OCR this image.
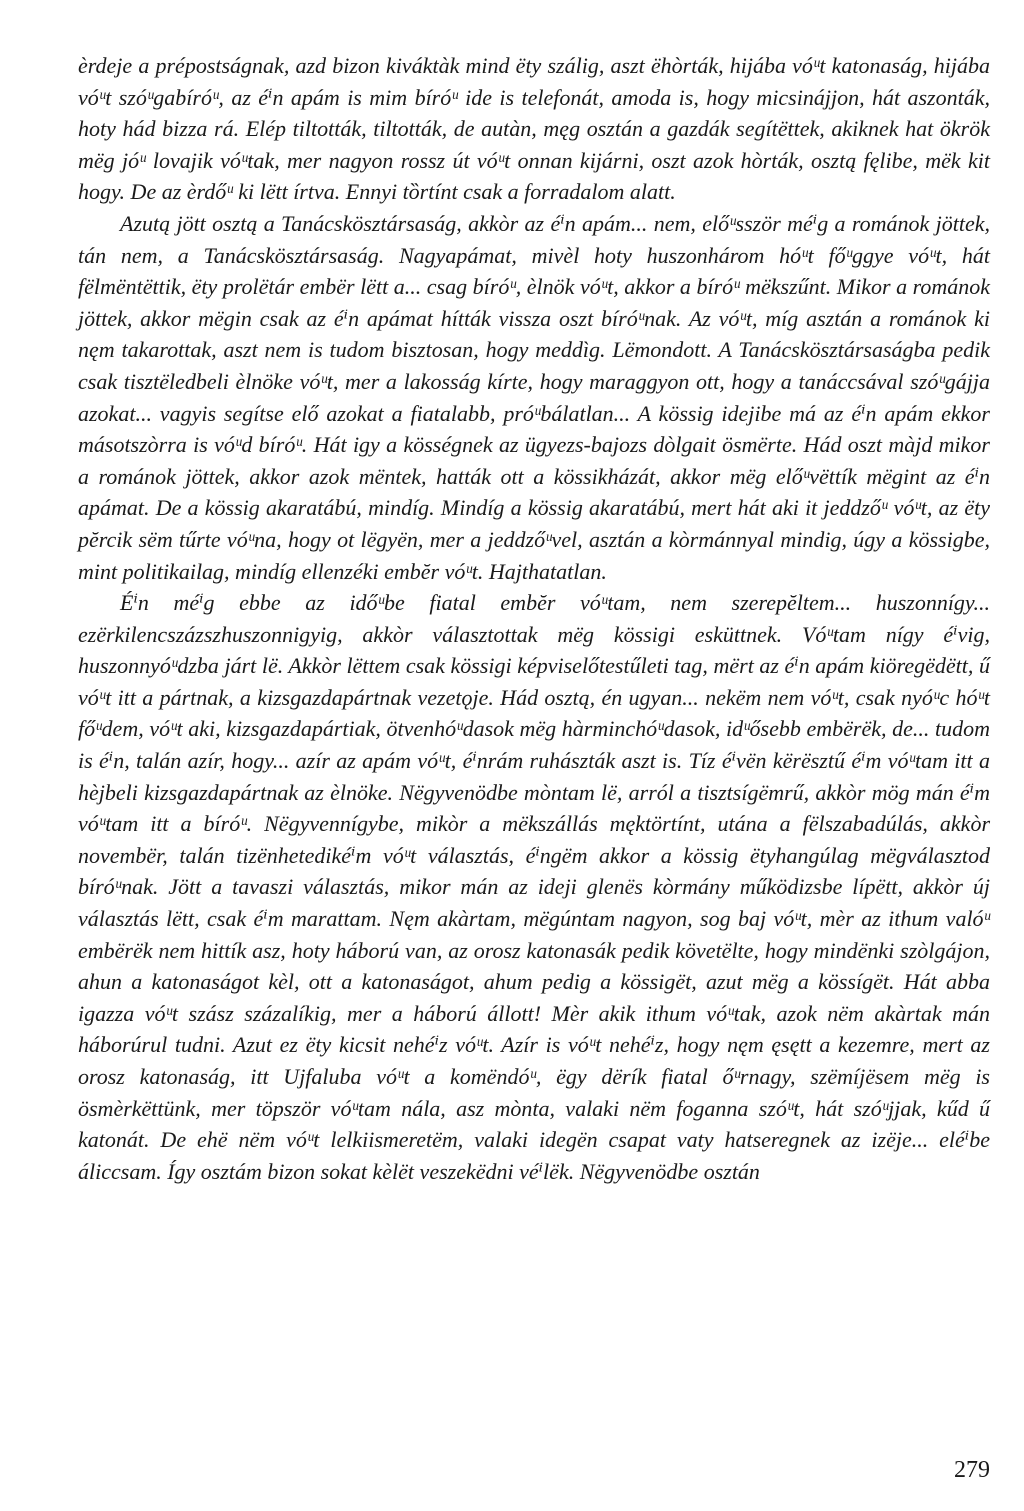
èrdeje a prépostságnak, azd bizon kiváktàk mind ëty szálig, aszt ëhòrták, hijába vóᵘt katonaság, hijába vóᵘt szóᵘgabíróᵘ, az éⁱn apám is mim bíróᵘ ide is telefonát, amoda is, hogy micsinájjon, hát aszonták, hoty hád bizza rá. Elép tiltották, tiltották, de autàn, męg osztán a gazdák segítëttek, akiknek hat ökrök mëg jóᵘ lovajik vóᵘtak, mer nagyon rossz út vóᵘt onnan kijárni, oszt azok hòrták, osztą fęlibe, mëk kit hogy. De az èrdőᵘ ki lëtt írtva. Ennyi tȍrtínt csak a forradalom alatt.

Azutą jött osztą a Tanácskösztársaság, akkòr az éⁱn apám... nem, előᵘsször méⁱg a románok jöttek, tán nem, a Tanácskösztársaság. Nagyapámat, mivèl hoty huszonhárom hóᵘt főᵘggye vóᵘt, hát fëlmëntëttik, ëty prolëtár embër lëtt a... csag bíróᵘ, èlnök vóᵘt, akkor a bíróᵘ mëkszűnt. Mikor a románok jöttek, akkor mëgin csak az éⁱn apámat hítták vissza oszt bíróᵘnak. Az vóᵘt, míg asztán a románok ki nęm takarottak, aszt nem is tudom bisztosan, hogy meddìg. Lëmondott. A Tanácskösztársaságba pedik csak tisztëledbeli èlnöke vóᵘt, mer a lakosság kírte, hogy maraggyon ott, hogy a tanáccsával szóᵘgájja azokat... vagyis segítse elő azokat a fiatalabb, próᵘbálatlan... A kössig idejibe má az éⁱn apám ekkor másotszòrra is vóᵘd bíróᵘ. Hát igy a kösségnek az ügyezs-bajozs dòlgait ösmërte. Hád oszt màjd mikor a románok jöttek, akkor azok mëntek, hatták ott a kössikházát, akkor mëg előᵘvëttík mëgint az éⁱn apámat. De a kössig akaratábú, mindíg. Mindíg a kössig akaratábú, mert hát aki it jeddzőᵘ vóᵘt, az ëty pĕrcik sëm tűrte vóᵘna, hogy ot lëgyën, mer a jeddzőᵘvel, asztán a kòrmánnyal mindig, úgy a kössigbe, mint politikailag, mindíg ellenzéki embĕr vóᵘt. Hajthatatlan.

Éⁱn méⁱg ebbe az időᵘbe fiatal embĕr vóᵘtam, nem szerepĕltem... huszonnígy... ezërkilencszázszhuszonnigyig, akkòr választottak mëg kössigi esküttnek. Vóᵘtam nígy éⁱvig, huszonnyóᵘdzba járt lë. Akkòr lëttem csak kössigi képviselőtestűleti tag, mërt az éⁱn apám kiöregëdëtt, ű vóᵘt itt a pártnak, a kizsgazdapártnak vezetǫje. Hád osztą, én ugyan... nekëm nem vóᵘt, csak nyóᵘc hóᵘt főᵘdem, vóᵘt aki, kizsgazdapártiak, ötvenhóᵘdasok mëg hàrminchóᵘdasok, idᵘősebb embërëk, de... tudom is éⁱn, talán azír, hogy... azír az apám vóᵘt, éⁱnrám ruhászták aszt is. Tíz éⁱvën kërësztű éⁱm vóᵘtam itt a hèjbeli kizsgazdapártnak az èlnöke. Nëgyvenödbe mòntam lë, arról a tisztsígëmrű, akkòr mög mán éⁱm vóᵘtam itt a bíróᵘ. Nëgyvennígybe, mikòr a mëkszállás męktörtínt, utána a fëlszabadúlás, akkòr novembër, talán tizënhetedikéⁱm vóᵘt választás, éⁱngëm akkor a kössig ëtyhangúlag mëgválasztod bíróᵘnak. Jött a tavaszi választás, mikor mán az ideji glenës kòrmány működizsbe lípëtt, akkòr új választás lëtt, csak éⁱm marattam. Nęm akàrtam, mëgúntam nagyon, sog baj vóᵘt, mèr az ithum valóᵘ embërëk nem hittík asz, hoty háború van, az orosz katonasák pedik követëlte, hogy mindënki szòlgájon, ahun a katonaságot kèl, ott a katonaságot, ahum pedig a kössigët, azut mëg a kössígët. Hát abba igazza vóᵘt szász százalíkig, mer a háború állott! Mèr akik ithum vóᵘtak, azok nëm akàrtak mán háborúrul tudni. Azut ez ëty kicsit nehéⁱz vóᵘt. Azír is vóᵘt nehéⁱz, hogy nęm ęsętt a kezemre, mert az orosz katonaság, itt Ujfaluba vóᵘt a komëndóᵘ, ëgy dërík fiatal őᵘrnagy, szëmíjësem mëg is ösmèrkëttünk, mer töpször vóᵘtam nála, asz mònta, valaki nëm foganna szóᵘt, hát szóᵘjjak, kűd ű katonát. De ehë nëm vóᵘt lelkiismeretëm, valaki idegën csapat vaty hatseregnek az izëje... eléⁱbe áliccsam. Így osztám bizon sokat kèlët veszekëdni véⁱlëk. Nëgyvenödbe osztán

279
